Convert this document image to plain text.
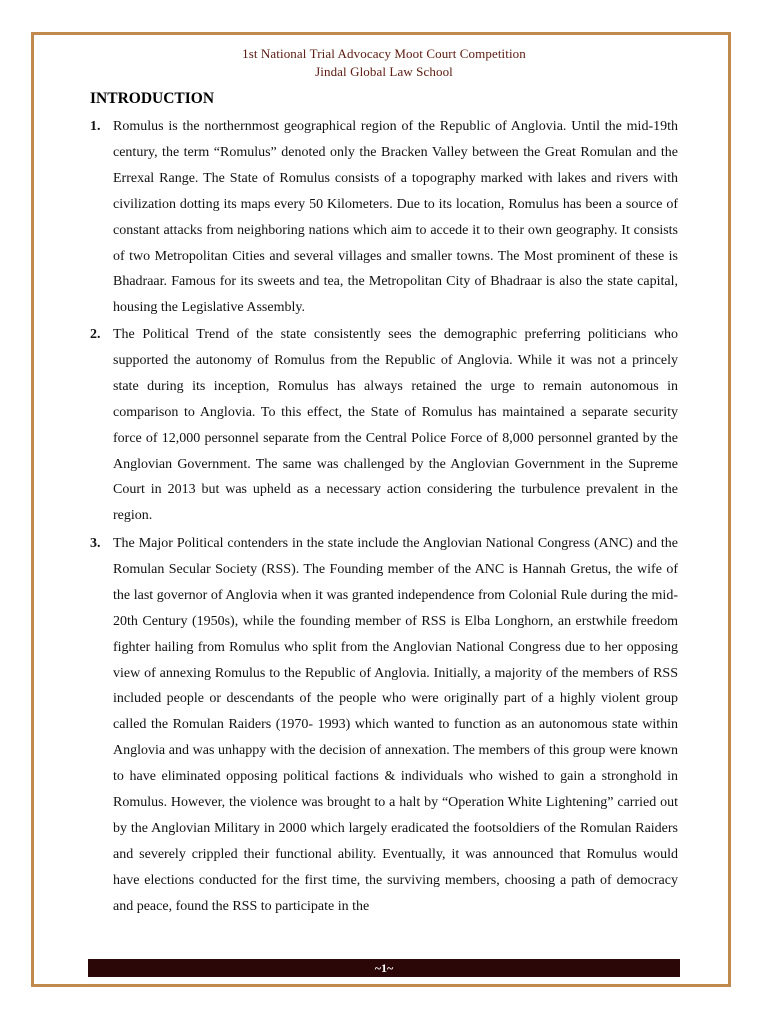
1st National Trial Advocacy Moot Court Competition
Jindal Global Law School
INTRODUCTION
1. Romulus is the northernmost geographical region of the Republic of Anglovia. Until the mid-19th century, the term “Romulus” denoted only the Bracken Valley between the Great Romulan and the Errexal Range. The State of Romulus consists of a topography marked with lakes and rivers with civilization dotting its maps every 50 Kilometers. Due to its location, Romulus has been a source of constant attacks from neighboring nations which aim to accede it to their own geography. It consists of two Metropolitan Cities and several villages and smaller towns. The Most prominent of these is Bhadraar. Famous for its sweets and tea, the Metropolitan City of Bhadraar is also the state capital, housing the Legislative Assembly.
2. The Political Trend of the state consistently sees the demographic preferring politicians who supported the autonomy of Romulus from the Republic of Anglovia. While it was not a princely state during its inception, Romulus has always retained the urge to remain autonomous in comparison to Anglovia. To this effect, the State of Romulus has maintained a separate security force of 12,000 personnel separate from the Central Police Force of 8,000 personnel granted by the Anglovian Government. The same was challenged by the Anglovian Government in the Supreme Court in 2013 but was upheld as a necessary action considering the turbulence prevalent in the region.
3. The Major Political contenders in the state include the Anglovian National Congress (ANC) and the Romulan Secular Society (RSS). The Founding member of the ANC is Hannah Gretus, the wife of the last governor of Anglovia when it was granted independence from Colonial Rule during the mid-20th Century (1950s), while the founding member of RSS is Elba Longhorn, an erstwhile freedom fighter hailing from Romulus who split from the Anglovian National Congress due to her opposing view of annexing Romulus to the Republic of Anglovia. Initially, a majority of the members of RSS included people or descendants of the people who were originally part of a highly violent group called the Romulan Raiders (1970- 1993) which wanted to function as an autonomous state within Anglovia and was unhappy with the decision of annexation. The members of this group were known to have eliminated opposing political factions & individuals who wished to gain a stronghold in Romulus. However, the violence was brought to a halt by “Operation White Lightening” carried out by the Anglovian Military in 2000 which largely eradicated the footsoldiers of the Romulan Raiders and severely crippled their functional ability. Eventually, it was announced that Romulus would have elections conducted for the first time, the surviving members, choosing a path of democracy and peace, found the RSS to participate in the
~1~
